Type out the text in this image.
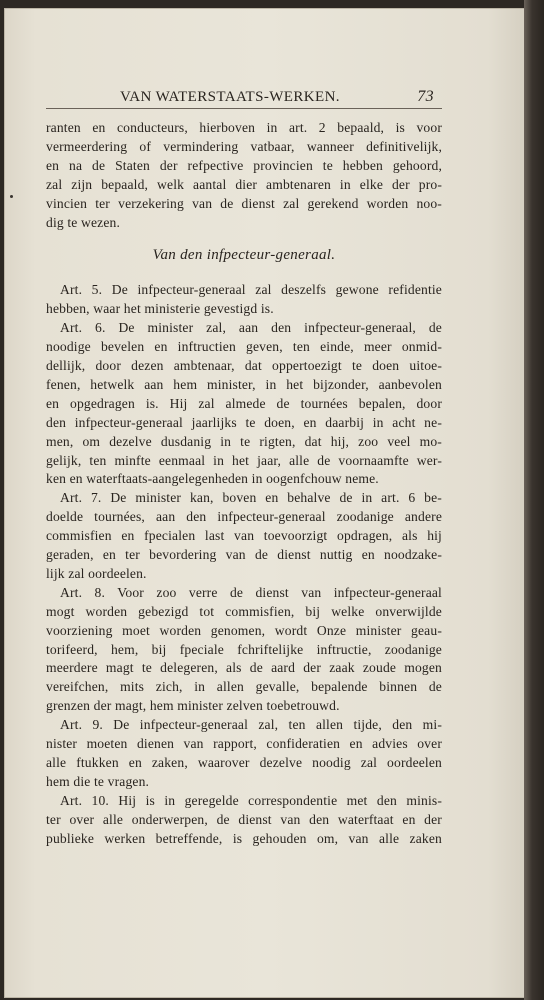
VAN WATERSTAATS-WERKEN.	73
ranten en conducteurs, hierboven in art. 2 bepaald, is voor
vermeerdering of vermindering vatbaar, wanneer definitivelijk,
en na de Staten der refpective provincien te hebben gehoord,
zal zijn bepaald, welk aantal dier ambtenaren in elke der pro-
vincien ter verzekering van de dienst zal gerekend worden noo-
dig te wezen.
Van den infpecteur-generaal.
Art. 5. De infpecteur-generaal zal deszelfs gewone refidentie
hebben, waar het ministerie gevestigd is.
Art. 6. De minister zal, aan den infpecteur-generaal, de
noodige bevelen en inftructien geven, ten einde, meer onmid-
dellijk, door dezen ambtenaar, dat oppertoezigt te doen uitoe-
fenen, hetwelk aan hem minister, in het bijzonder, aanbevolen
en opgedragen is. Hij zal almede de tournées bepalen, door
den infpecteur-generaal jaarlijks te doen, en daarbij in acht ne-
men, om dezelve dusdanig in te rigten, dat hij, zoo veel mo-
gelijk, ten minfte eenmaal in het jaar, alle de voornaamfte wer-
ken en waterftaats-aangelegenheden in oogenfchouw neme.
Art. 7. De minister kan, boven en behalve de in art. 6 be-
doelde tournées, aan den infpecteur-generaal zoodanige andere
commisfien en fpecialen last van toevoorzigt opdragen, als hij
geraden, en ter bevordering van de dienst nuttig en noodzake-
lijk zal oordeelen.
Art. 8. Voor zoo verre de dienst van infpecteur-generaal
mogt worden gebezigd tot commisfien, bij welke onverwijlde
voorziening moet worden genomen, wordt Onze minister geau-
torifeerd, hem, bij fpeciale fchriftelijke inftructie, zoodanige
meerdere magt te delegeren, als de aard der zaak zoude mogen
vereifchen, mits zich, in allen gevalle, bepalende binnen de
grenzen der magt, hem minister zelven toebetrouwd.
Art. 9. De infpecteur-generaal zal, ten allen tijde, den mi-
nister moeten dienen van rapport, confideratien en advies over
alle ftukken en zaken, waarover dezelve noodig zal oordeelen
hem die te vragen.
Art. 10. Hij is in geregelde correspondentie met den minis-
ter over alle onderwerpen, de dienst van den waterftaat en der
publieke werken betreffende, is gehouden om, van alle zaken
